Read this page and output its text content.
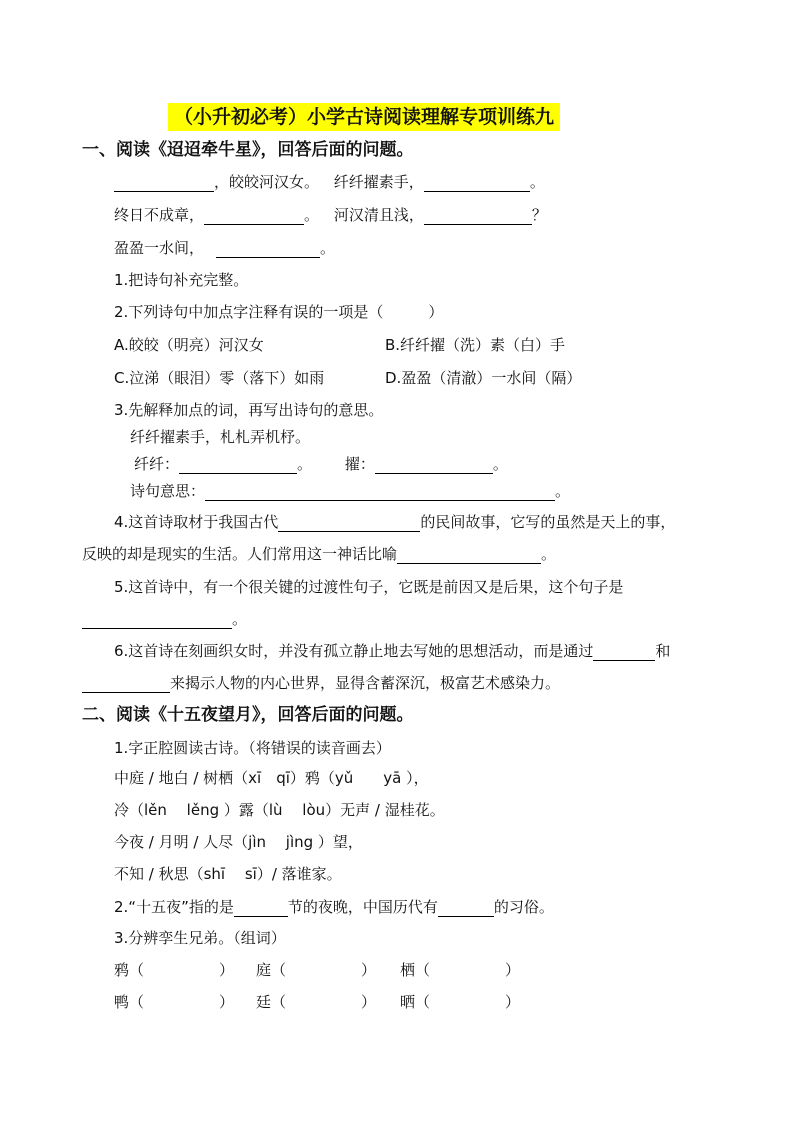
（小升初必考）小学古诗阅读理解专项训练九
一、阅读《迢迢牵牛星》，回答后面的问题。
，皎皎河汉女。 纤纤擢素手，	。
终日不成章，	。 河汉清且浅，	？
盈盈一水间，	。
1.把诗句补充完整。
2.下列诗句中加点字注释有误的一项是（　　　）
A.皎皎（明亮）河汉女	B.纤纤擢（洗）素（白）手
C.泣涕（眼泪）零（落下）如雨	D.盈盈（清澈）一水间（隔）
3.先解释加点的词，再写出诗句的意思。
纤纤擢素手，札札弄机杼。
纤纤：	。 擢：	。
诗句意思：	。
4.这首诗取材于我国古代	的民间故事，它写的虽然是天上的事，
反映的却是现实的生活。人们常用这一神话比喻	。
5.这首诗中，有一个很关键的过渡性句子，它既是前因又是后果，这个句子是
。
6.这首诗在刻画织女时，并没有孤立静止地去写她的思想活动，而是通过	和
来揭示人物的内心世界，显得含蓄深沉，极富艺术感染力。
二、阅读《十五夜望月》，回答后面的问题。
1.字正腔圆读古诗。（将错误的读音画去）
中庭 / 地白 / 树栖（xī　qī）鸦（yǔ　　yā ），
冷（lěn　 lěng ）露（lù　 lòu）无声 / 湿桂花。
今夜 / 月明 / 人尽（jìn　 jìng ）望，
不知 / 秋思（shī　 sī）/ 落谁家。
2.“十五夜”指的是	节的夜晚，中国历代有	的习俗。
3.分辨孪生兄弟。（组词）
鸦（　　　　　） 庭（　　　　　） 栖（　　　　　）
鸭（　　　　　） 廷（　　　　　） 晒（　　　　　）
